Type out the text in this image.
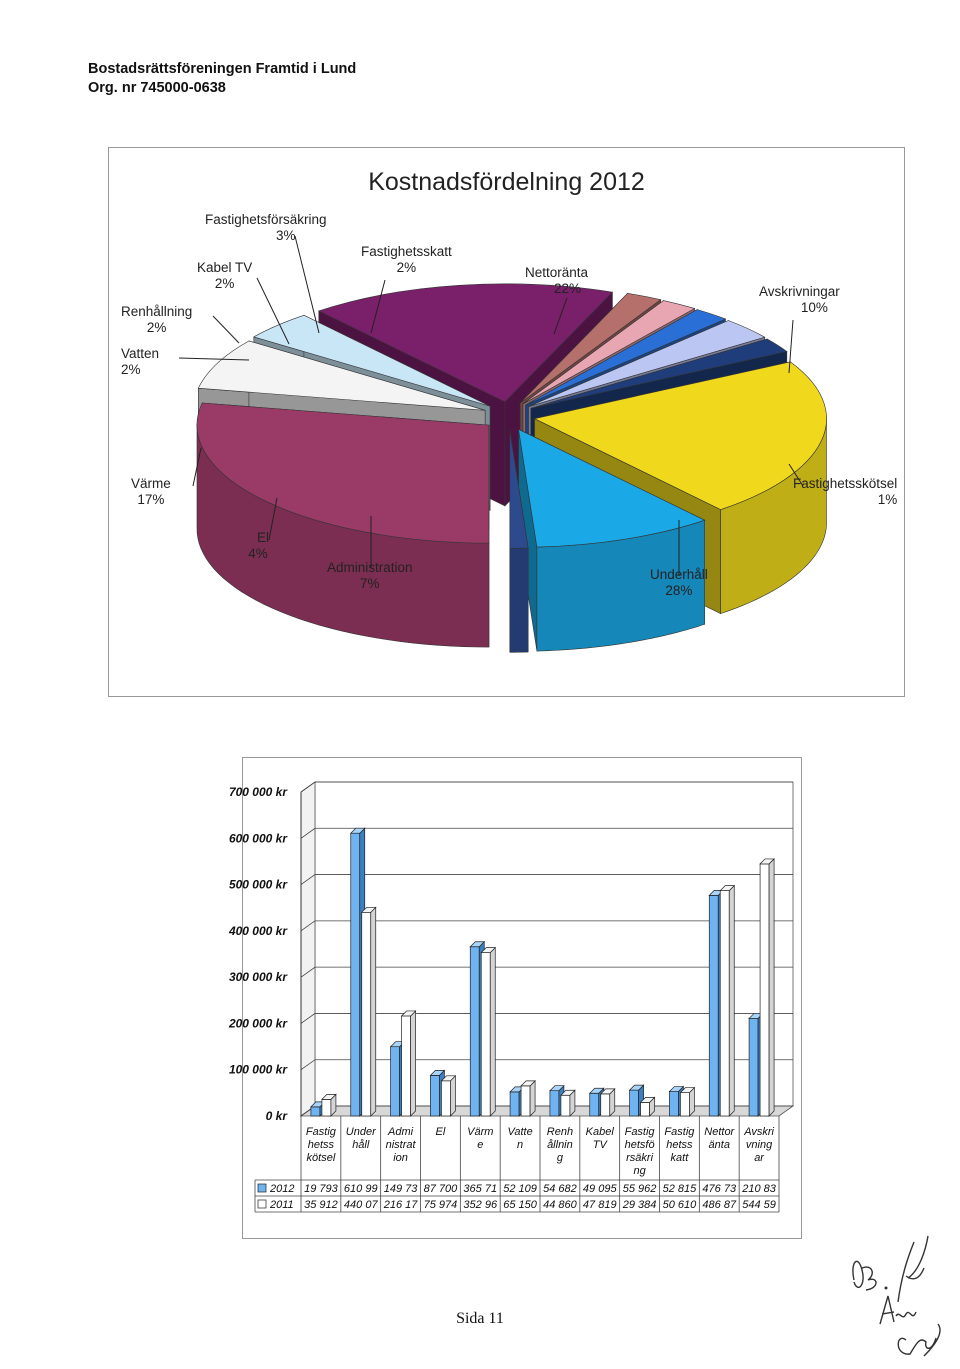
Bostadsrättsföreningen Framtid i Lund
Org. nr 745000-0638
Kostnadsfördelning 2012
Fastighetsförsäkring
3%
Kabel TV
2%
Fastighetsskatt
2%	Nettoränta
22%	Avskrivningar
10%
Renhållning
2%
Vatten
2%
Värme
17%
Fastighetsskötsel
1%
El
4%
Administration
7%
Underhåll
28%
0 kr
100 000 kr
200 000 kr
300 000 kr
400 000 kr
500 000 kr
600 000 kr
700 000 kr
Fastig
hetss
kötsel
Under
håll
Admi
nistrat
ion
El Värm
e
Vatte
n
Renh
ållnin
g
Kabel
TV
Fastig
hetsfö
rsäkri
ng
Fastig
hetss
katt
Nettor
änta
Avskri
vning
ar
2012 19 793 610 99 149 73 87 700 365 71 52 109 54 682 49 095 55 962 52 815 476 73 210 83
2011 35 912 440 07 216 17 75 974 352 96 65 150 44 860 47 819 29 384 50 610 486 87 544 59
Sida 11
